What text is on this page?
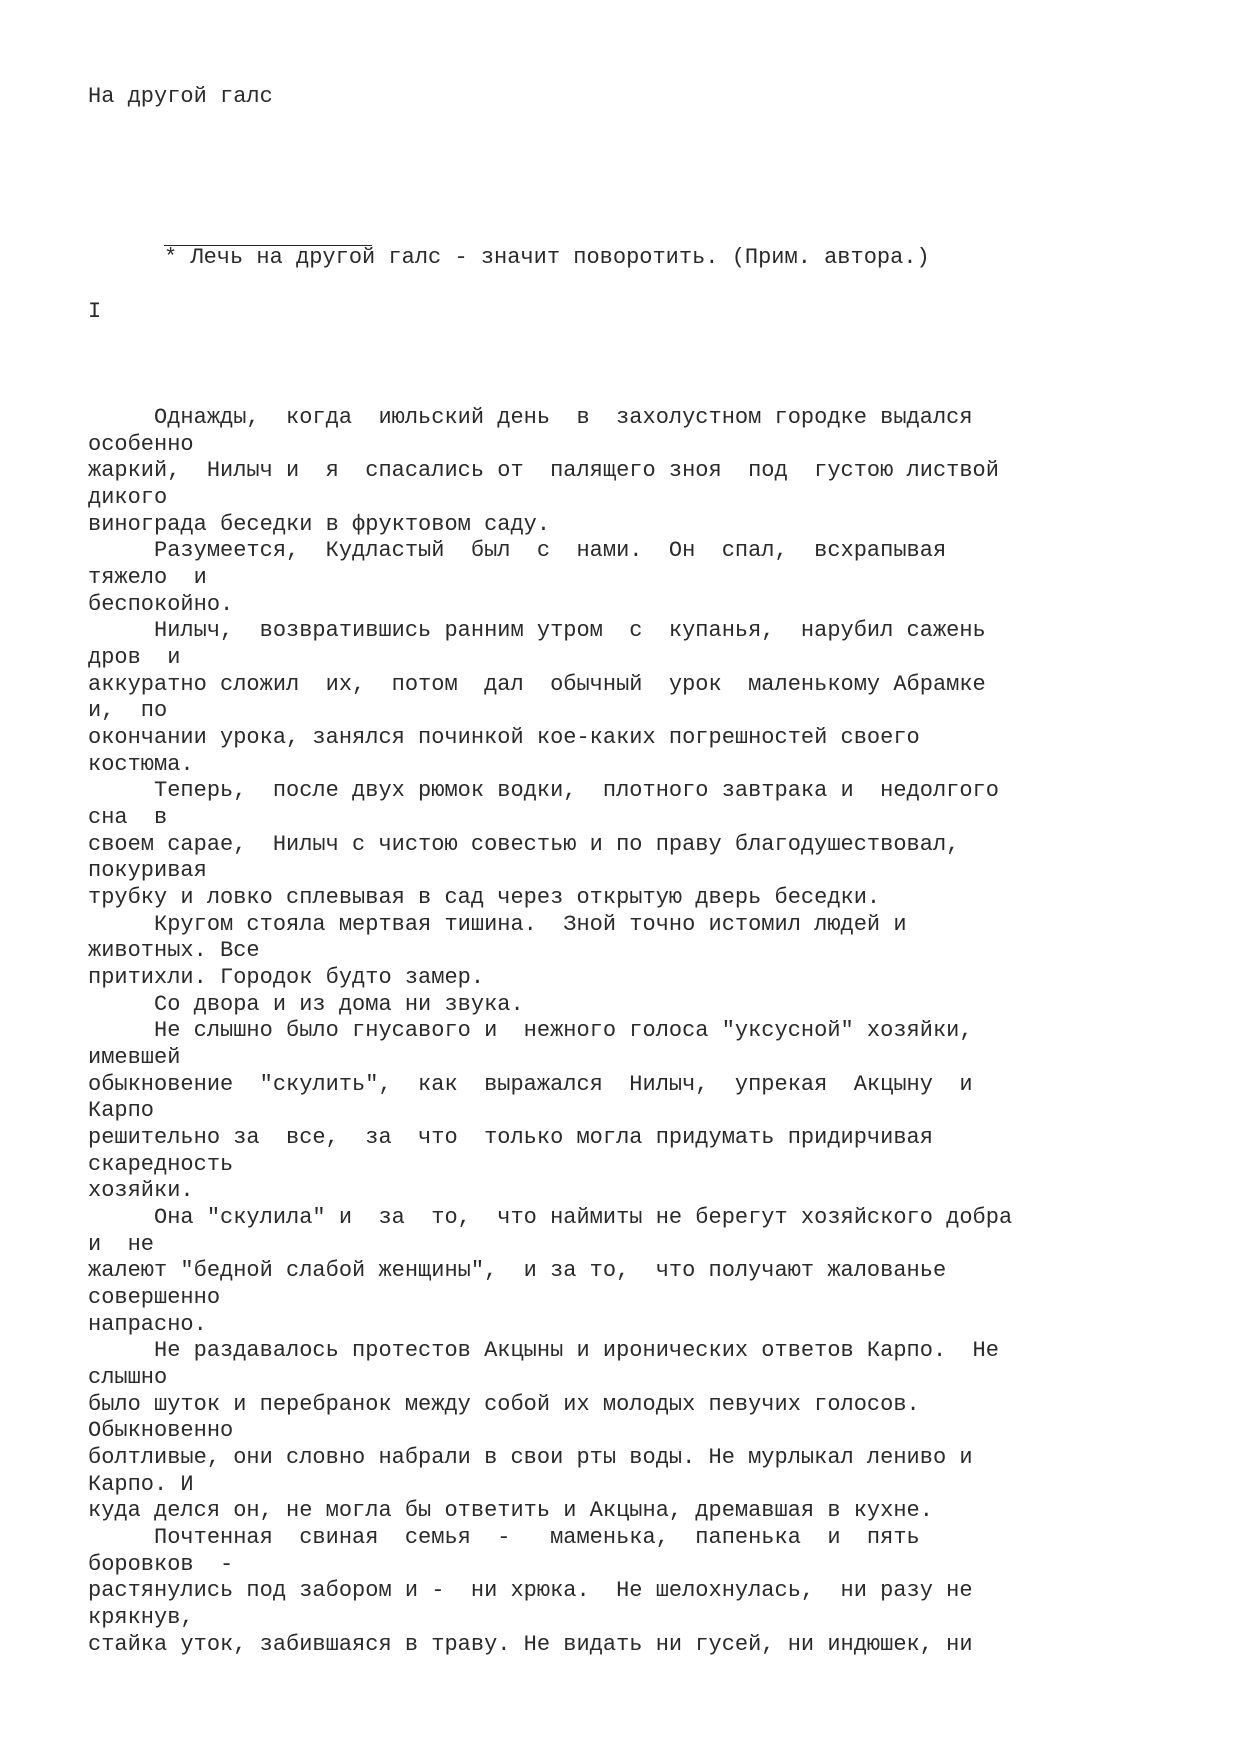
На другой галс
* Лечь на другой галс - значит поворотить. (Прим. автора.)
I
Однажды,  когда  июльский день  в  захолустном городке выдался
особенно
жаркий,  Нилыч и  я  спасались от  палящего зноя  под  густою листвой
дикого
винограда беседки в фруктовом саду.
Разумеется,  Кудластый  был  с  нами.  Он  спал,  всхрапывая
тяжело  и
беспокойно.
Нилыч,  возвратившись ранним утром  с  купанья,  нарубил сажень
дров  и
аккуратно сложил  их,  потом  дал  обычный  урок  маленькому Абрамке
и,  по
окончании урока, занялся починкой кое-каких погрешностей своего
костюма.
Теперь,  после двух рюмок водки,  плотного завтрака и  недолгого
сна  в
своем сарае,  Нилыч с чистою совестью и по праву благодушествовал,
покуривая
трубку и ловко сплевывая в сад через открытую дверь беседки.
Кругом стояла мертвая тишина.  Зной точно истомил людей и
животных. Все
притихли. Городок будто замер.
Со двора и из дома ни звука.
Не слышно было гнусавого и  нежного голоса "уксусной" хозяйки,
имевшей
обыкновение  "скулить",  как  выражался  Нилыч,  упрекая  Акцыну  и
Карпо
решительно за  все,  за  что  только могла придумать придирчивая
скаредность
хозяйки.
Она "скулила" и  за  то,  что наймиты не берегут хозяйского добра
и  не
жалеют "бедной слабой женщины",  и за то,  что получают жалованье
совершенно
напрасно.
Не раздавалось протестов Акцыны и иронических ответов Карпо.  Не
слышно
было шуток и перебранок между собой их молодых певучих голосов.
Обыкновенно
болтливые, они словно набрали в свои рты воды. Не мурлыкал лениво и
Карпо. И
куда делся он, не могла бы ответить и Акцына, дремавшая в кухне.
Почтенная  свиная  семья  -   маменька,  папенька  и  пять
боровков  -
растянулись под забором и -  ни хрюка.  Не шелохнулась,  ни разу не
крякнув,
стайка уток, забившаяся в траву. Не видать ни гусей, ни индюшек, ни
